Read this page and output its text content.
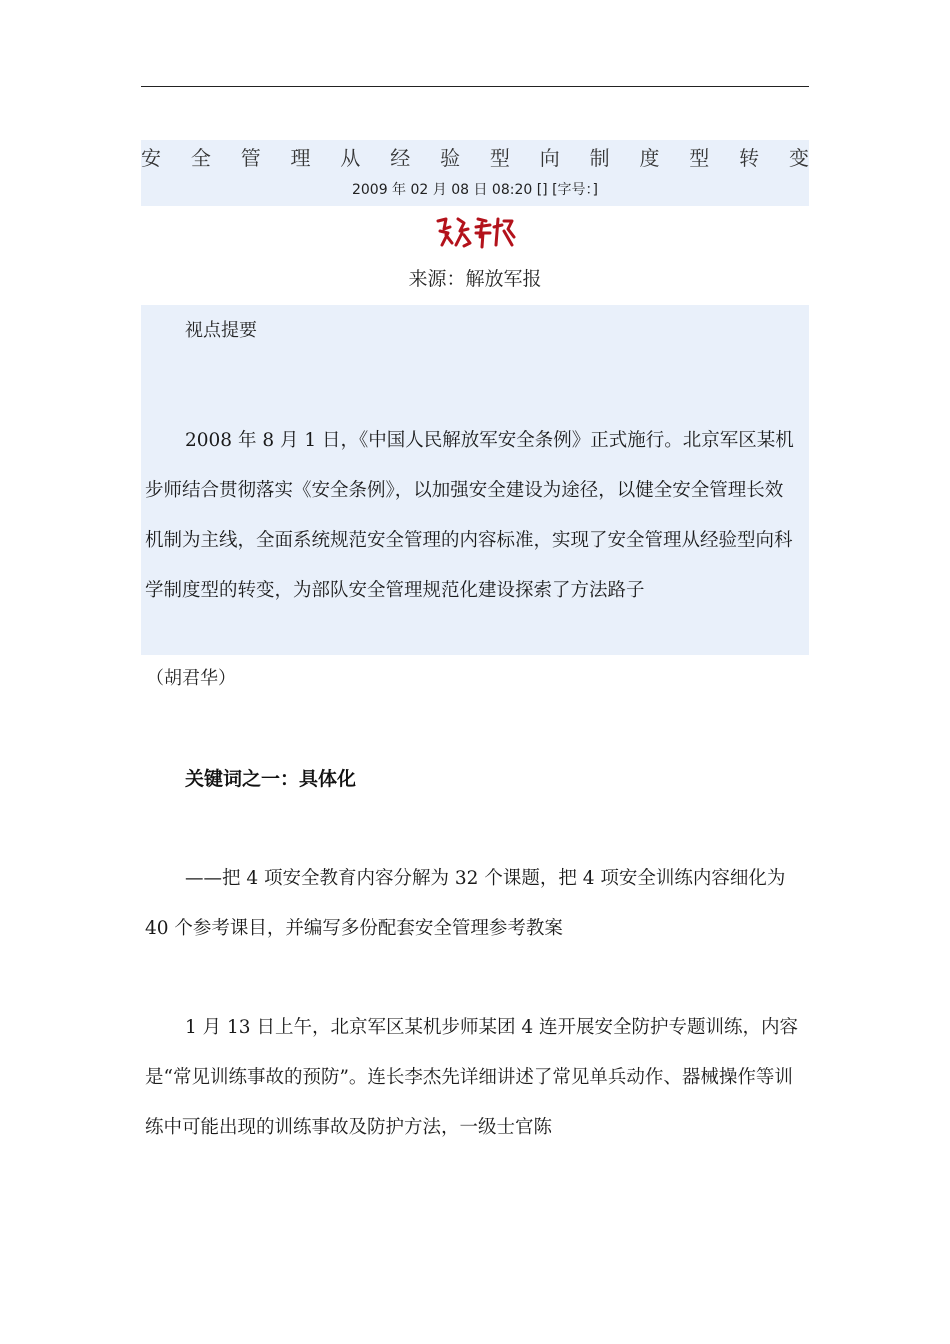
安 全 管 理 从 经 验 型 向 制 度 型 转 变
2009 年 02 月 08 日 08:20 [] [字号：]
来源：解放军报
视点提要

2008 年 8 月 1 日，《中国人民解放军安全条例》正式施行。北京军区某机步师结合贯彻落实《安全条例》，以加强安全建设为途径，以健全安全管理长效机制为主线，全面系统规范安全管理的内容标准，实现了安全管理从经验型向科学制度型的转变，为部队安全管理规范化建设探索了方法路子

（胡君华）
关键词之一：具体化

——把 4 项安全教育内容分解为 32 个课题，把 4 项安全训练内容细化为 40 个参考课目，并编写多份配套安全管理参考教案

1 月 13 日上午，北京军区某机步师某团 4 连开展安全防护专题训练，内容是“常见训练事故的预防”。连长李杰先详细讲述了常见单兵动作、器械操作等训练中可能出现的训练事故及防护方法，一级士官陈
